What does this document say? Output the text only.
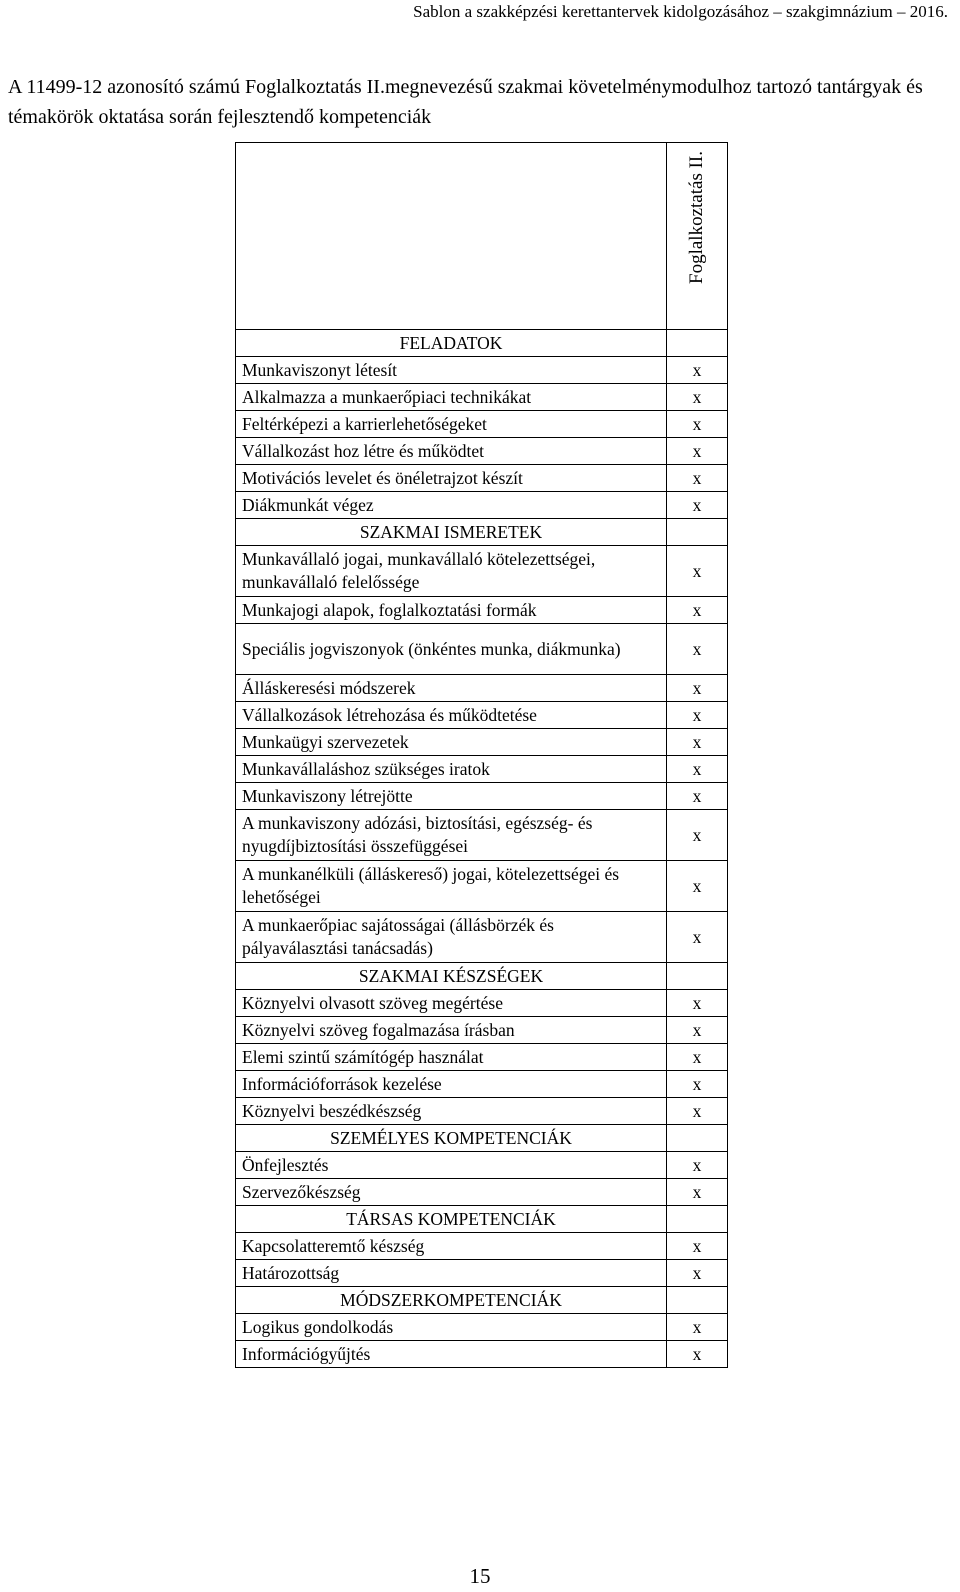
Sablon a szakképzési kerettantervek kidolgozásához – szakgimnázium – 2016.
A 11499-12 azonosító számú Foglalkoztatás II.megnevezésű szakmai követelménymodulhoz tartozó tantárgyak és témakörök oktatása során fejlesztendő kompetenciák

	Foglalkoztatás II.

FELADATOK	
Munkaviszonyt létesít	x
Alkalmazza a munkaerőpiaci technikákat	x
Feltérképezi a karrierlehetőségeket	x
Vállalkozást hoz létre és működtet	x
Motivációs levelet és önéletrajzot készít	x
Diákmunkát végez	x
SZAKMAI ISMERETEK	
Munkavállaló jogai, munkavállaló kötelezettségei, munkavállaló felelőssége	x
Munkajogi alapok, foglalkoztatási formák	x
Speciális jogviszonyok (önkéntes munka, diákmunka)	x
Álláskeresési módszerek	x
Vállalkozások létrehozása és működtetése	x
Munkaügyi szervezetek	x
Munkavállaláshoz szükséges iratok	x
Munkaviszony létrejötte	x
A munkaviszony adózási, biztosítási, egészség- és nyugdíjbiztosítási összefüggései	x
A munkanélküli (álláskereső) jogai, kötelezettségei és lehetőségei	x
A munkaerőpiac sajátosságai (állásbörzék és pályaválasztási tanácsadás)	x
SZAKMAI KÉSZSÉGEK	
Köznyelvi olvasott szöveg megértése	x
Köznyelvi szöveg fogalmazása írásban	x
Elemi szintű számítógép használat	x
Információforrások kezelése	x
Köznyelvi beszédkészség	x
SZEMÉLYES KOMPETENCIÁK	
Önfejlesztés	x
Szervezőkészség	x
TÁRSAS KOMPETENCIÁK	
Kapcsolatteremtő készség	x
Határozottság	x
MÓDSZERKOMPETENCIÁK	
Logikus gondolkodás	x
Információgyűjtés	x
15
